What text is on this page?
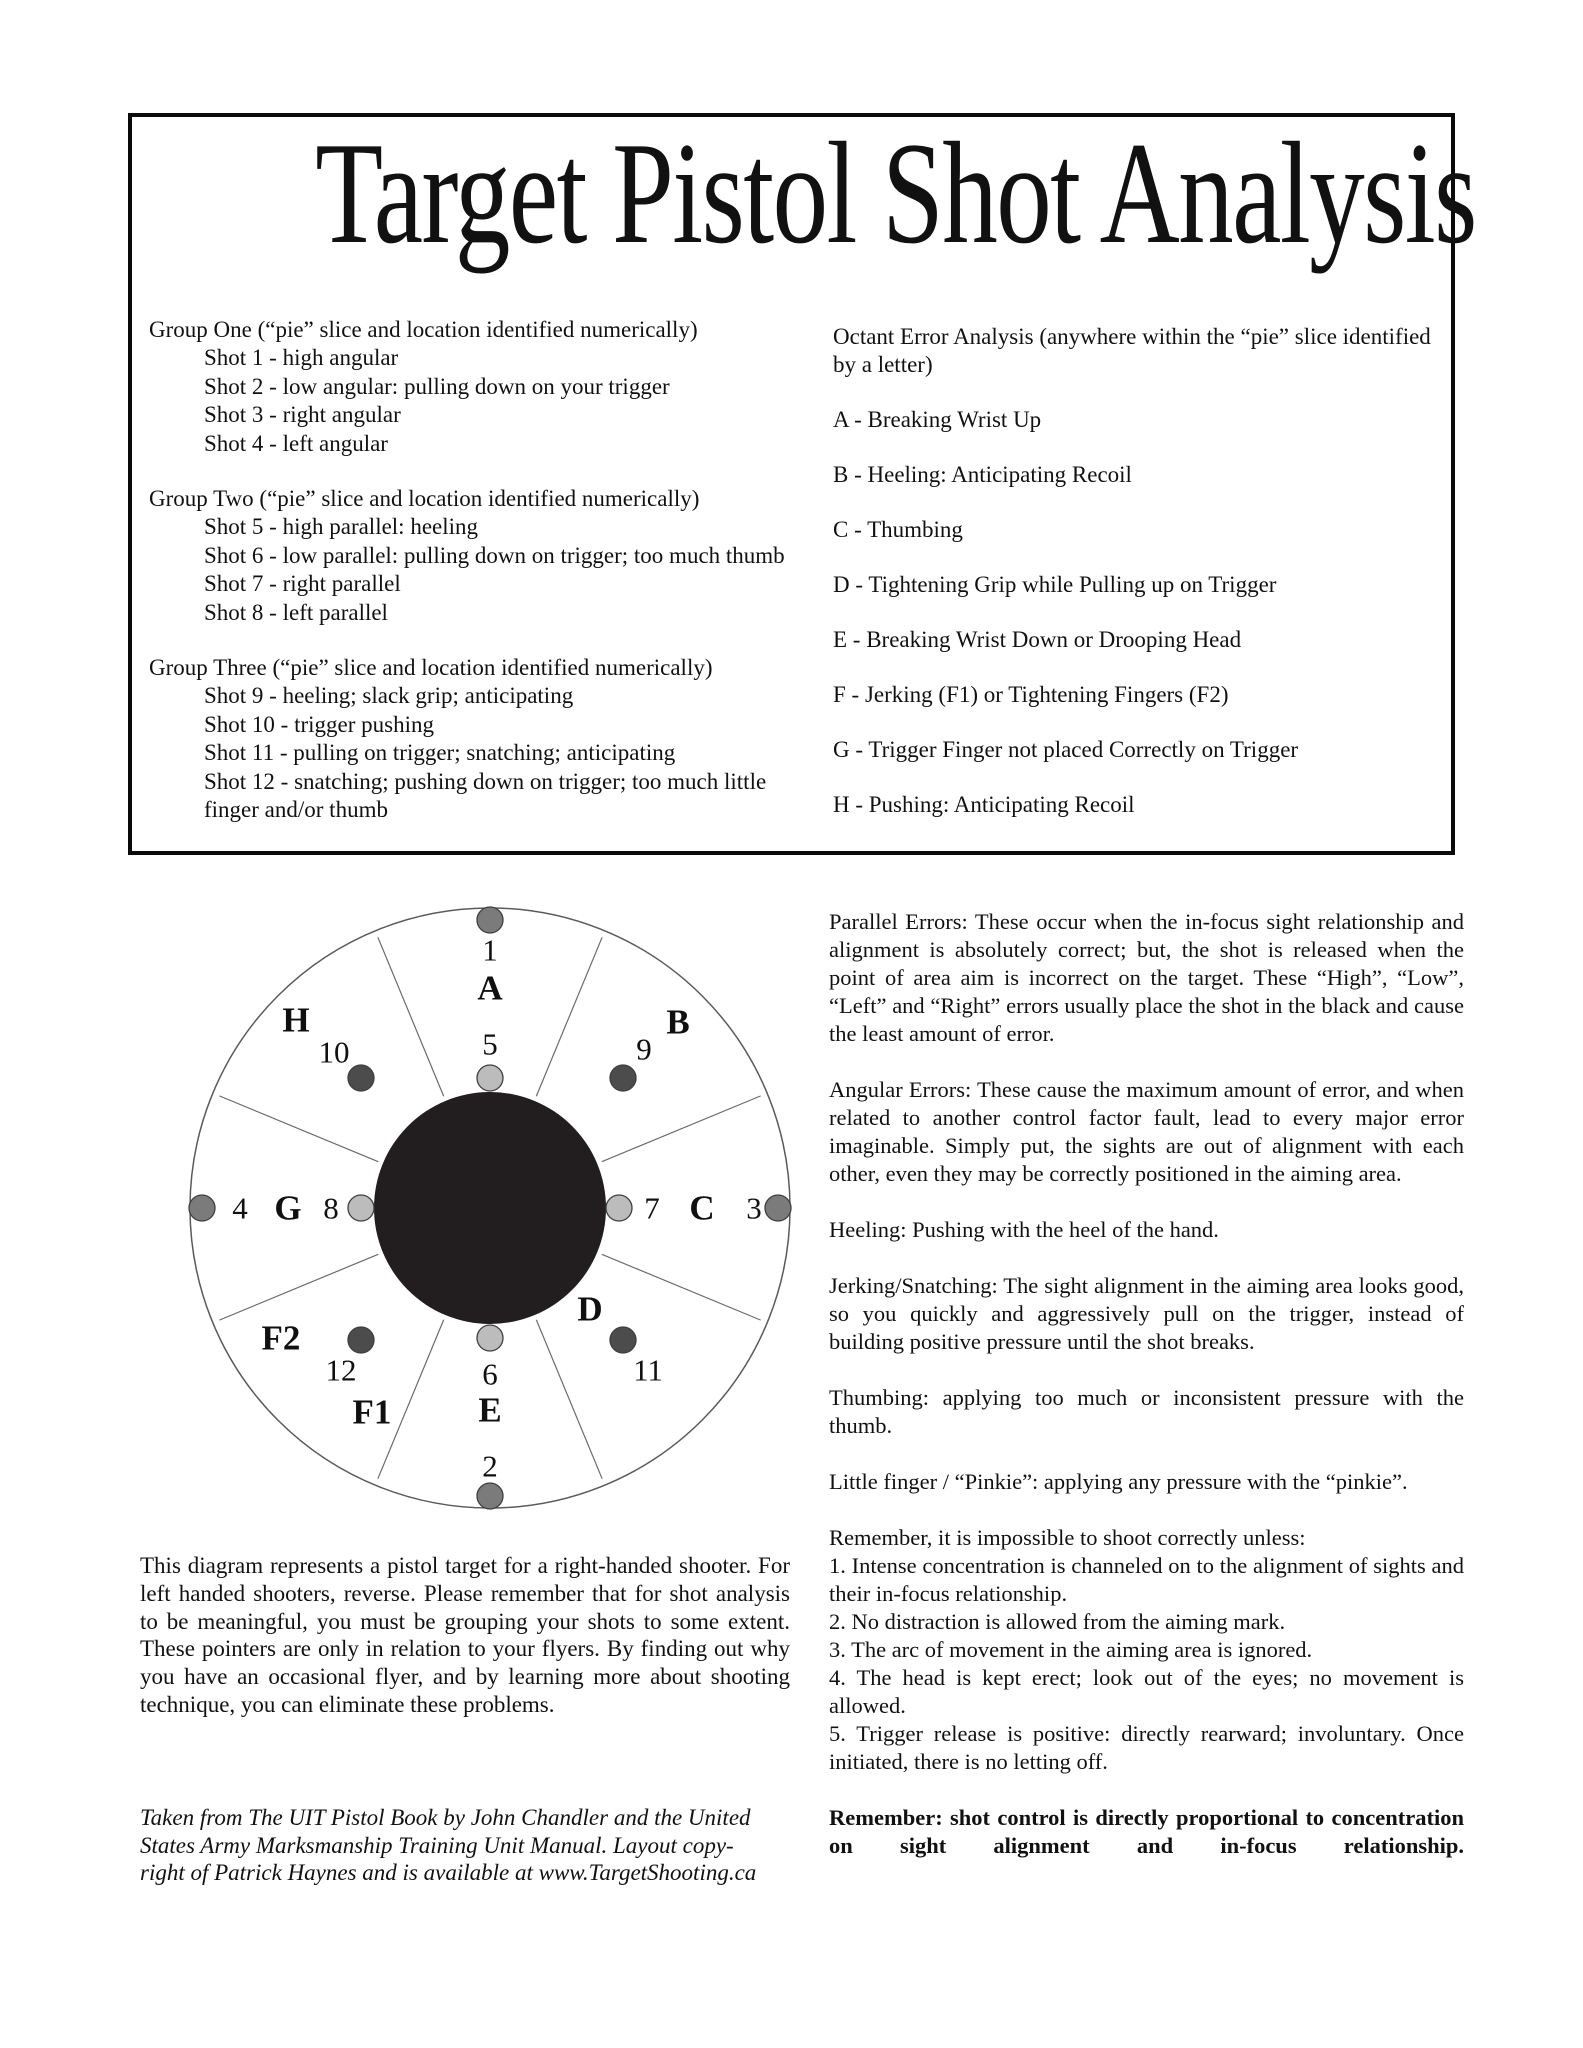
Target Pistol Shot Analysis
Group One (“pie” slice and location identified numerically)
Shot 1 - high angular
Shot 2 - low angular: pulling down on your trigger
Shot 3 - right angular
Shot 4 - left angular
Group Two (“pie” slice and location identified numerically)
Shot 5 - high parallel: heeling
Shot 6 - low parallel: pulling down on trigger; too much thumb
Shot 7 - right parallel
Shot 8 - left parallel
Group Three (“pie” slice and location identified numerically)
Shot 9 - heeling; slack grip; anticipating
Shot 10 - trigger pushing
Shot 11 - pulling on trigger; snatching; anticipating
Shot 12 - snatching; pushing down on trigger; too much little finger and/or thumb
Octant Error Analysis (anywhere within the “pie” slice identified by a letter)
A - Breaking Wrist Up
B - Heeling: Anticipating Recoil
C - Thumbing
D - Tightening Grip while Pulling up on Trigger
E - Breaking Wrist Down or Drooping Head
F - Jerking (F1) or Tightening Fingers (F2)
G - Trigger Finger not placed Correctly on Trigger
H - Pushing: Anticipating Recoil
1
2
3
4
5
6
7
8
9
10
11
12
A
B
C
D
E
F1
F2
G
H

Parallel Errors: These occur when the in-focus sight relationship and alignment is absolutely correct; but, the shot is released when the point of area aim is incorrect on the target. These “High”, “Low”, “Left” and “Right” errors usually place the shot in the black and cause the least amount of error.

Angular Errors: These cause the maximum amount of error, and when related to another control factor fault, lead to every major error imaginable. Simply put, the sights are out of alignment with each other, even they may be correctly positioned in the aiming area.

Heeling: Pushing with the heel of the hand.

Jerking/Snatching: The sight alignment in the aiming area looks good, so you quickly and aggressively pull on the trigger, instead of building positive pressure until the shot breaks.

Thumbing: applying too much or inconsistent pressure with the thumb.

Little finger / “Pinkie”: applying any pressure with the “pinkie”.

Remember, it is impossible to shoot correctly unless:
1. Intense concentration is channeled on to the alignment of sights and their in-focus relationship.
2. No distraction is allowed from the aiming mark.
3. The arc of movement in the aiming area is ignored.
4. The head is kept erect; look out of the eyes; no movement is allowed.
5. Trigger release is positive: directly rearward; involuntary. Once initiated, there is no letting off.
Remember: shot control is directly proportional to concentration on sight alignment and in-focus relationship.
This diagram represents a pistol target for a right-handed shooter. For left handed shooters, reverse. Please remember that for shot analysis to be meaningful, you must be grouping your shots to some extent. These pointers are only in relation to your flyers. By finding out why you have an occasional flyer, and by learning more about shooting technique, you can eliminate these problems.
Taken from The UIT Pistol Book by John Chandler and the United
States Army Marksmanship Training Unit Manual. Layout copy-
right of Patrick Haynes and is available at www.TargetShooting.ca
